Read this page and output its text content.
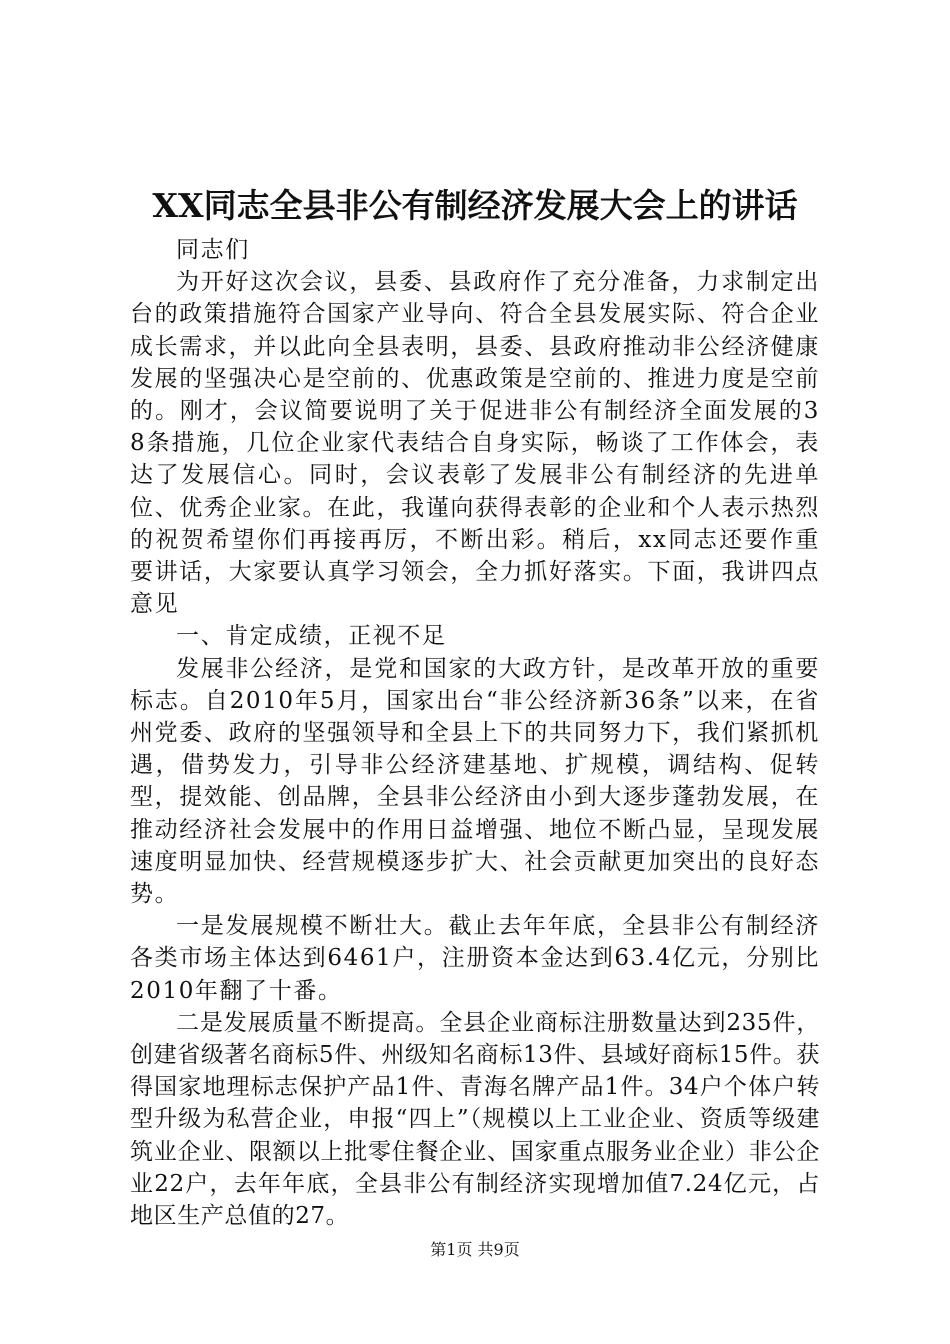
XX同志全县非公有制经济发展大会上的讲话

同志们

为开好这次会议，县委、县政府作了充分准备，力求制定出台的政策措施符合国家产业导向、符合全县发展实际、符合企业成长需求，并以此向全县表明，县委、县政府推动非公经济健康发展的坚强决心是空前的、优惠政策是空前的、推进力度是空前的。刚才，会议简要说明了关于促进非公有制经济全面发展的38条措施，几位企业家代表结合自身实际，畅谈了工作体会，表达了发展信心。同时，会议表彰了发展非公有制经济的先进单位、优秀企业家。在此，我谨向获得表彰的企业和个人表示热烈的祝贺希望你们再接再厉，不断出彩。稍后，xx同志还要作重要讲话，大家要认真学习领会，全力抓好落实。下面，我讲四点意见

一、肯定成绩，正视不足

发展非公经济，是党和国家的大政方针，是改革开放的重要标志。自2010年5月，国家出台“非公经济新36条”以来，在省州党委、政府的坚强领导和全县上下的共同努力下，我们紧抓机遇，借势发力，引导非公经济建基地、扩规模，调结构、促转型，提效能、创品牌，全县非公经济由小到大逐步蓬勃发展，在推动经济社会发展中的作用日益增强、地位不断凸显，呈现发展速度明显加快、经营规模逐步扩大、社会贡献更加突出的良好态势。

一是发展规模不断壮大。截止去年年底，全县非公有制经济各类市场主体达到6461户，注册资本金达到63.4亿元，分别比2010年翻了十番。

二是发展质量不断提高。全县企业商标注册数量达到235件，创建省级著名商标5件、州级知名商标13件、县域好商标15件。获得国家地理标志保护产品1件、青海名牌产品1件。34户个体户转型升级为私营企业，申报“四上”（规模以上工业企业、资质等级建筑业企业、限额以上批零住餐企业、国家重点服务业企业）非公企业22户，去年年底，全县非公有制经济实现增加值7.24亿元，占地区生产总值的27。

第1页 共9页
